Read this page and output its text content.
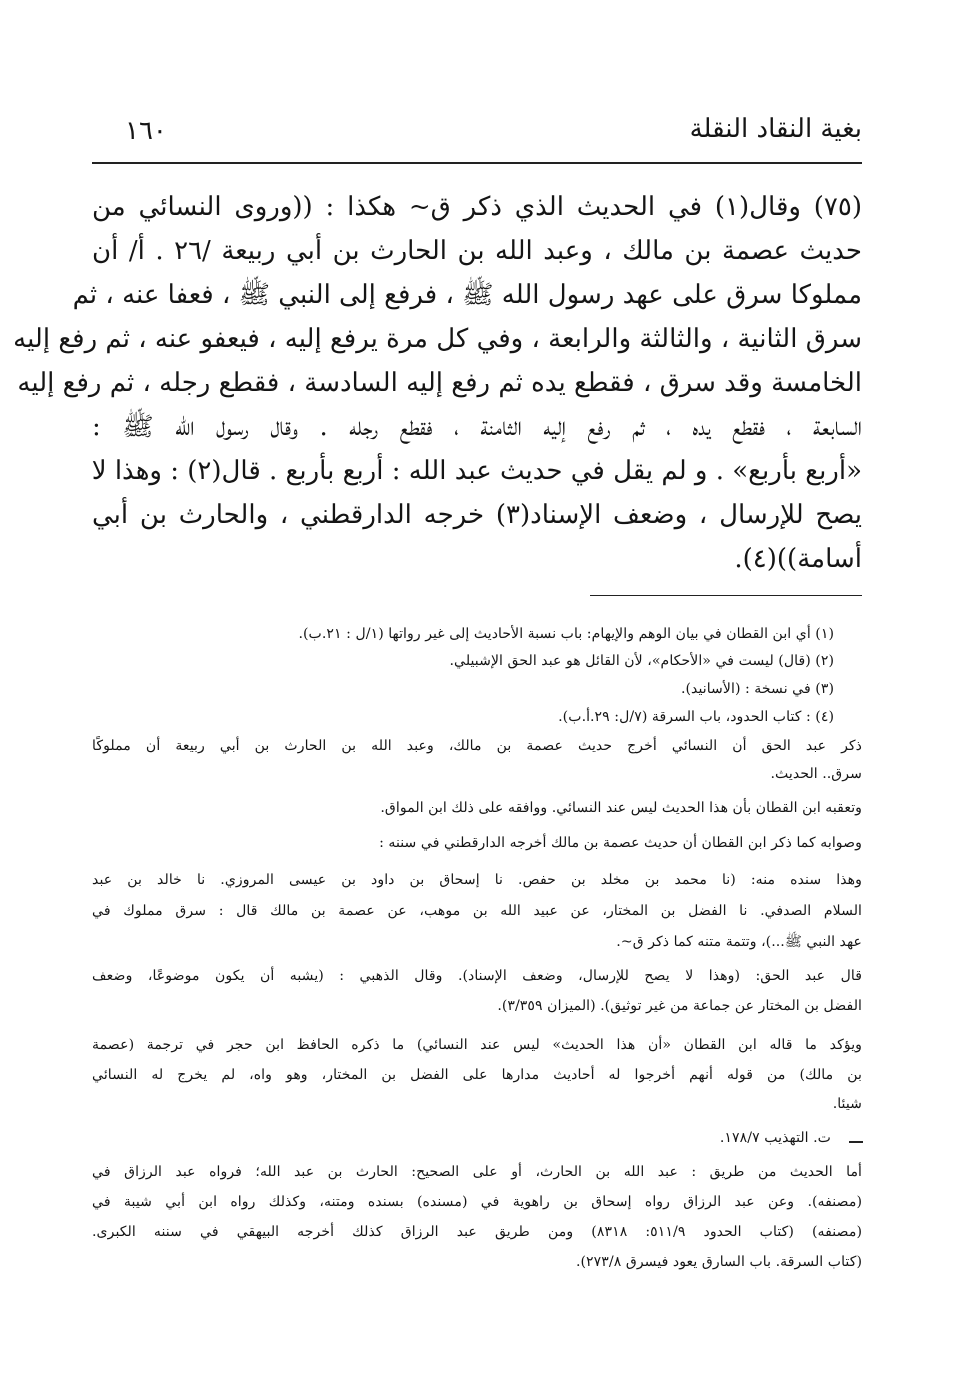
بغية النقاد النقلة
١٦٠
(٧٥) وقال(١) في الحديث الذي ذكر ق~ هكذا : ((وروى النسائي من
حديث عصمة بن مالك ، وعبد الله بن الحارث بن أبي ربيعة /٢٦ . أ/ أن
مملوكا سرق على عهد رسول الله ﷺ ، فرفع إلى النبي ﷺ ، فعفا عنه ، ثم
سرق الثانية ، والثالثة والرابعة ، وفي كل مرة يرفع إليه ، فيعفو عنه ، ثم رفع إليه
الخامسة وقد سرق ، فقطع يده ثم رفع إليه السادسة ، فقطع رجله ، ثم رفع إليه
السابعة ، فقطع يده ، ثم رفع إليه الثامنة ، فقطع رجله . وقال رسول الله ﷺ :
«أربع بأربع» . و لم يقل في حديث عبد الله : أربع بأربع . قال(٢) : وهذا لا
يصح للإرسال ، وضعف الإسناد(٣) خرجه الدارقطني ، والحارث بن أبي
أسامة))(٤).
(١) أي ابن القطان في بيان الوهم والإيهام: باب نسبة الأحاديث إلى غير رواتها (١/ل : ٢١.ب).
(٢) (قال) ليست في «الأحكام»، لأن القائل هو عبد الحق الإشبيلي.
(٣) في نسخة : (الأسانيد).
(٤) : كتاب الحدود، باب السرقة (٧/ل: ٢٩.أ.ب).
ذكر عبد الحق أن النسائي أخرج حديث عصمة بن مالك، وعبد الله بن الحارث بن أبي ربيعة أن مملوكًا
سرق.. الحديث.
وتعقبه ابن القطان بأن هذا الحديث ليس عند النسائي. ووافقه على ذلك ابن المواق.
وصوابه كما ذكر ابن القطان أن حديث عصمة بن مالك أخرجه الدارقطني في سننه :
وهذا سنده منه: (نا محمد بن مخلد بن حفص. نا إسحاق بن داود بن عيسى المروزي. نا خالد بن عبد
السلام الصدفي. نا الفضل بن المختار، عن عبيد الله بن موهب، عن عصمة بن مالك قال : سرق مملوك في
عهد النبي ﷺ...)، وتتمة متنه كما ذكر ق~.
قال عبد الحق: (وهذا لا يصح للإرسال، وضعف الإسناد). وقال الذهبي : (يشبه أن يكون موضوعًا، وضعف
الفضل بن المختار عن جماعة من غير توثيق). (الميزان ٣/٣٥٩).
ويؤكد ما قاله ابن القطان «أن هذا الحديث» ليس عند النسائي) ما ذكره الحافظ ابن حجر في ترجمة (عصمة
بن مالك) من قوله أنهم أخرجوا له أحاديث مدارها على الفضل بن المختار، وهو واه، لم يخرج له النسائي
شيئا.
ت. التهذيب ١٧٨/٧.
أما الحديث من طريق : عبد الله بن الحارث، أو على الصحيح: الحارث بن عبد الله؛ فرواه عبد الرزاق في
(مصنفه). وعن عبد الرزاق رواه إسحاق بن راهوية في (مسنده) بسنده ومتنه، وكذلك رواه ابن أبي شيبة في
(مصنفه) (كتاب الحدود ٥١١/٩: ٨٣١٨) ومن طريق عبد الرزاق كذلك أخرجه البيهقي في سننه الكبرى.
(كتاب السرقة. باب السارق يعود فيسرق ٢٧٣/٨).
